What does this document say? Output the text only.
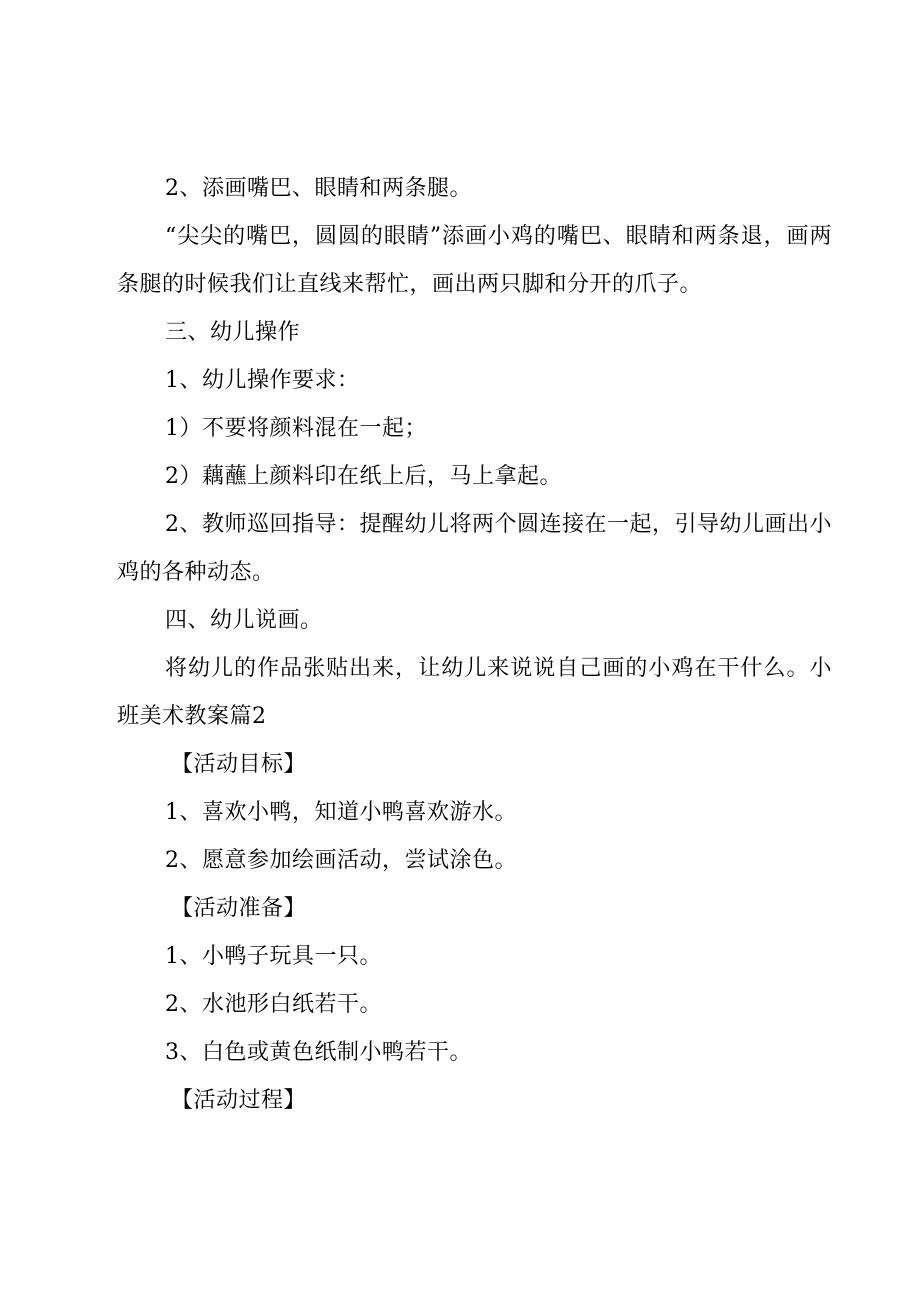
2、添画嘴巴、眼睛和两条腿。

“尖尖的嘴巴，圆圆的眼睛”添画小鸡的嘴巴、眼睛和两条退，画两条腿的时候我们让直线来帮忙，画出两只脚和分开的爪子。

三、幼儿操作

1、幼儿操作要求：

1）不要将颜料混在一起；

2）藕蘸上颜料印在纸上后，马上拿起。

2、教师巡回指导：提醒幼儿将两个圆连接在一起，引导幼儿画出小鸡的各种动态。

四、幼儿说画。

将幼儿的作品张贴出来，让幼儿来说说自己画的小鸡在干什么。小班美术教案篇2

【活动目标】

1、喜欢小鸭，知道小鸭喜欢游水。

2、愿意参加绘画活动，尝试涂色。

【活动准备】

1、小鸭子玩具一只。

2、水池形白纸若干。

3、白色或黄色纸制小鸭若干。

【活动过程】
